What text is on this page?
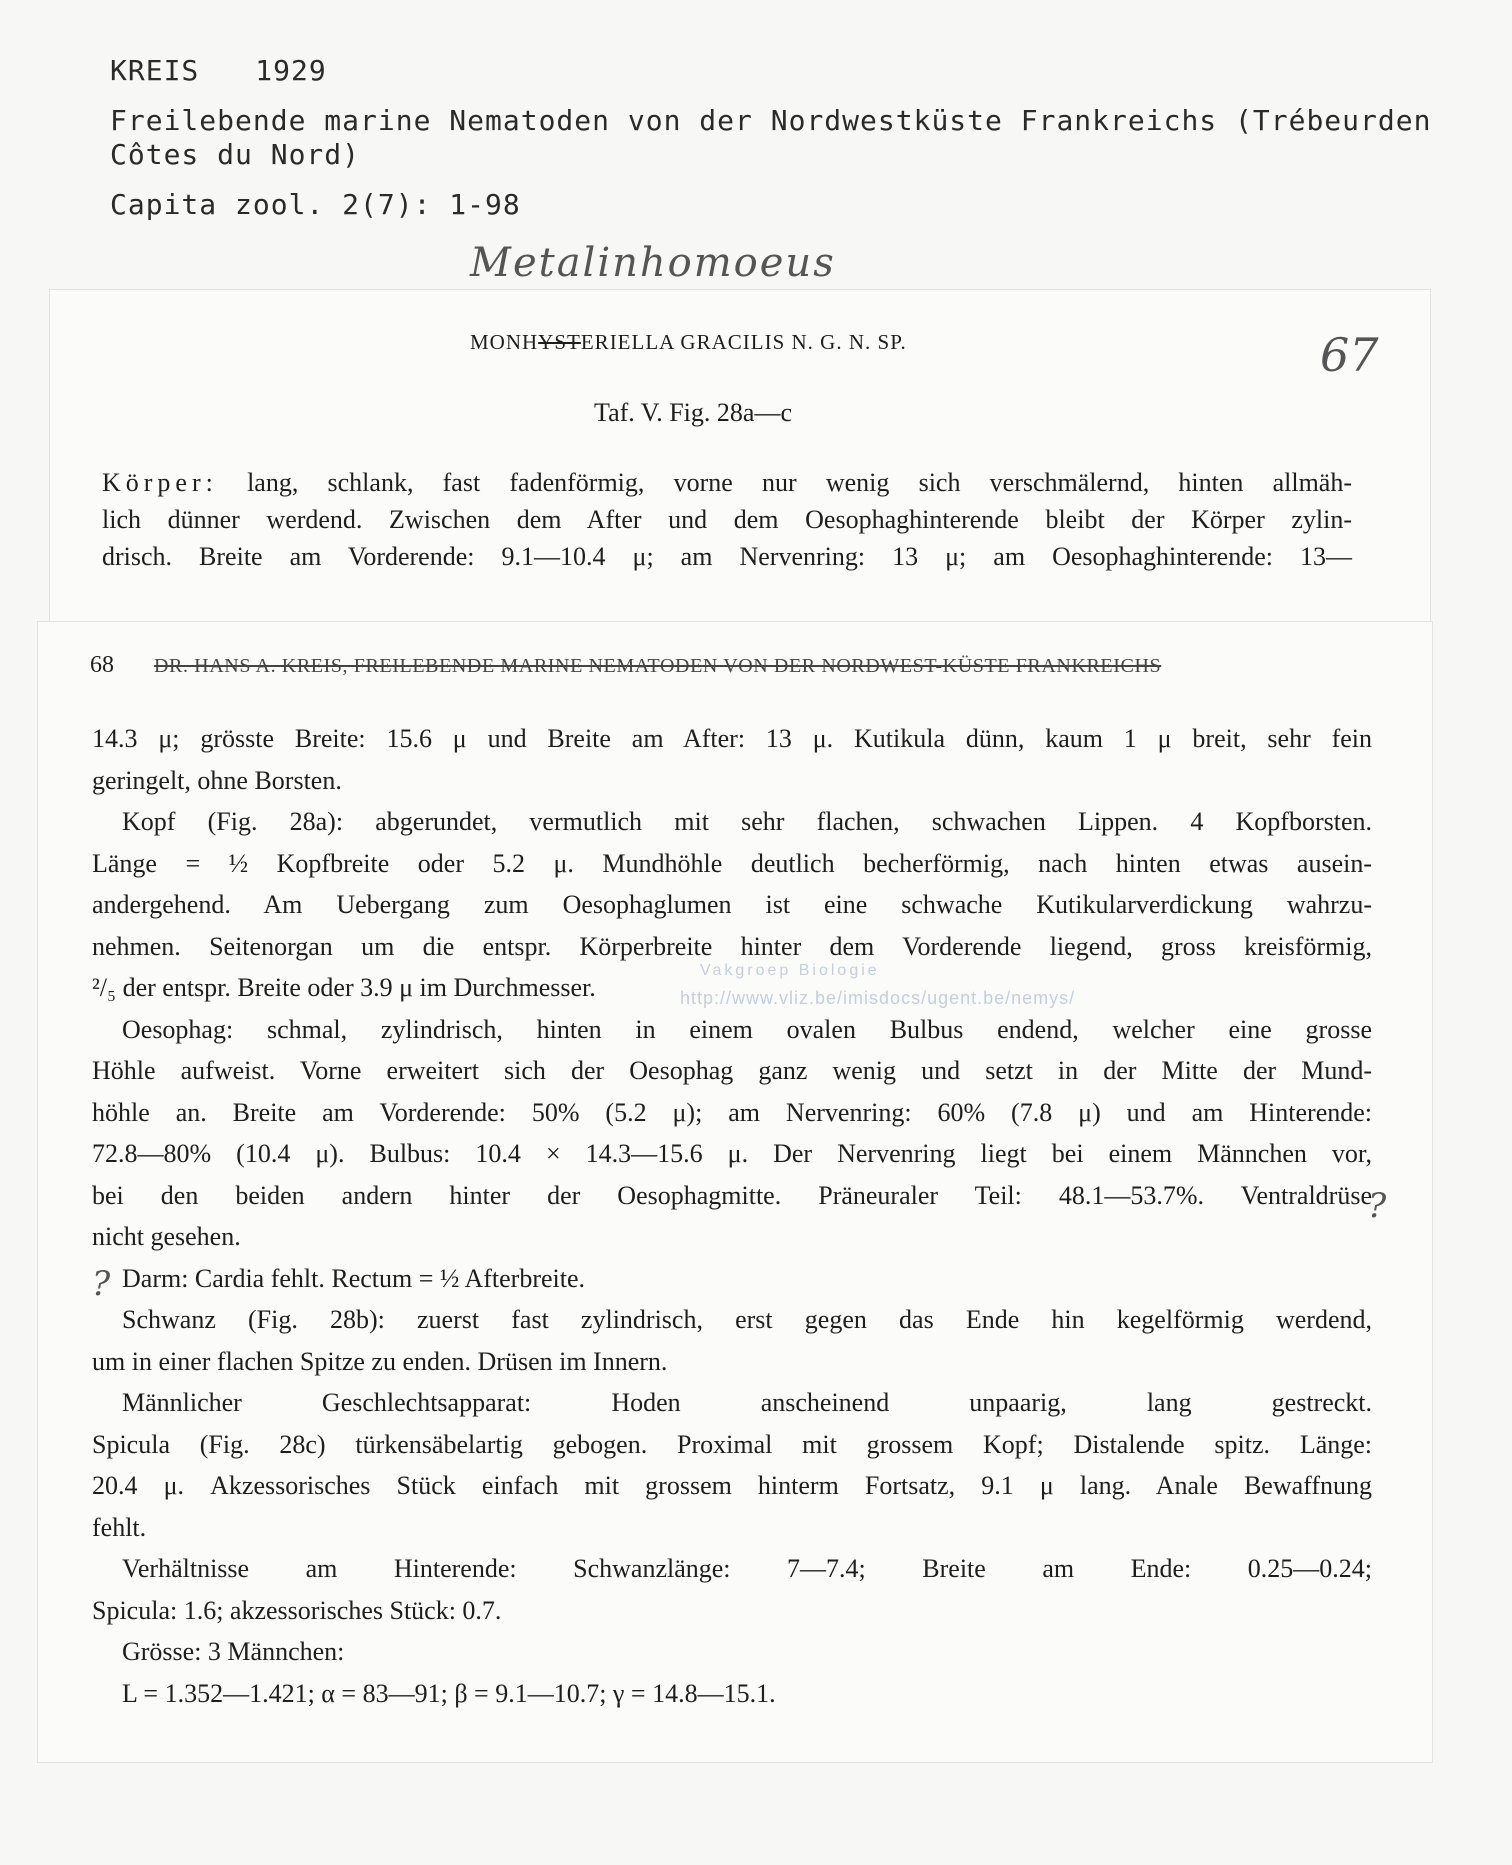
KREIS 1929
Freilebende marine Nematoden von der Nordwestküste Frankreichs (Trébeurden
Côtes du Nord)
Capita zool. 2(7): 1-98
Metalinhomoeus
67
MONHYSTERIELLA GRACILIS N. G. N. SP.
Taf. V. Fig. 28a—c
Körper: lang, schlank, fast fadenförmig, vorne nur wenig sich verschmälernd, hinten allmäh-
lich dünner werdend. Zwischen dem After und dem Oesophaghinterende bleibt der Körper zylin-
drisch. Breite am Vorderende: 9.1—10.4 μ; am Nervenring: 13 μ; am Oesophaghinterende: 13—
68 DR. HANS A. KREIS, FREILEBENDE MARINE NEMATODEN VON DER NORDWEST-KÜSTE FRANKREICHS
Vakgroep Biologie
http://www.vliz.be/imisdocs/ugent.be/nemys/
14.3 μ; grösste Breite: 15.6 μ und Breite am After: 13 μ. Kutikula dünn, kaum 1 μ breit, sehr fein
geringelt, ohne Borsten.
Kopf (Fig. 28a): abgerundet, vermutlich mit sehr flachen, schwachen Lippen. 4 Kopfborsten.
Länge = ½ Kopfbreite oder 5.2 μ. Mundhöhle deutlich becherförmig, nach hinten etwas ausein-
andergehend. Am Uebergang zum Oesophaglumen ist eine schwache Kutikularverdickung wahrzu-
nehmen. Seitenorgan um die entspr. Körperbreite hinter dem Vorderende liegend, gross kreisförmig,
²/₅ der entspr. Breite oder 3.9 μ im Durchmesser.
Oesophag: schmal, zylindrisch, hinten in einem ovalen Bulbus endend, welcher eine grosse
Höhle aufweist. Vorne erweitert sich der Oesophag ganz wenig und setzt in der Mitte der Mund-
höhle an. Breite am Vorderende: 50% (5.2 μ); am Nervenring: 60% (7.8 μ) und am Hinterende:
72.8—80% (10.4 μ). Bulbus: 10.4 × 14.3—15.6 μ. Der Nervenring liegt bei einem Männchen vor,
bei den beiden andern hinter der Oesophagmitte. Präneuraler Teil: 48.1—53.7%. Ventraldrüse
nicht gesehen.
Darm: Cardia fehlt. Rectum = ½ Afterbreite.
Schwanz (Fig. 28b): zuerst fast zylindrisch, erst gegen das Ende hin kegelförmig werdend,
um in einer flachen Spitze zu enden. Drüsen im Innern.
Männlicher Geschlechtsapparat: Hoden anscheinend unpaarig, lang gestreckt.
Spicula (Fig. 28c) türkensäbelartig gebogen. Proximal mit grossem Kopf; Distalende spitz. Länge:
20.4 μ. Akzessorisches Stück einfach mit grossem hinterm Fortsatz, 9.1 μ lang. Anale Bewaffnung
fehlt.
Verhältnisse am Hinterende: Schwanzlänge: 7—7.4; Breite am Ende: 0.25—0.24;
Spicula: 1.6; akzessorisches Stück: 0.7.
Grösse: 3 Männchen:
L = 1.352—1.421; α = 83—91; β = 9.1—10.7; γ = 14.8—15.1.
?
?
